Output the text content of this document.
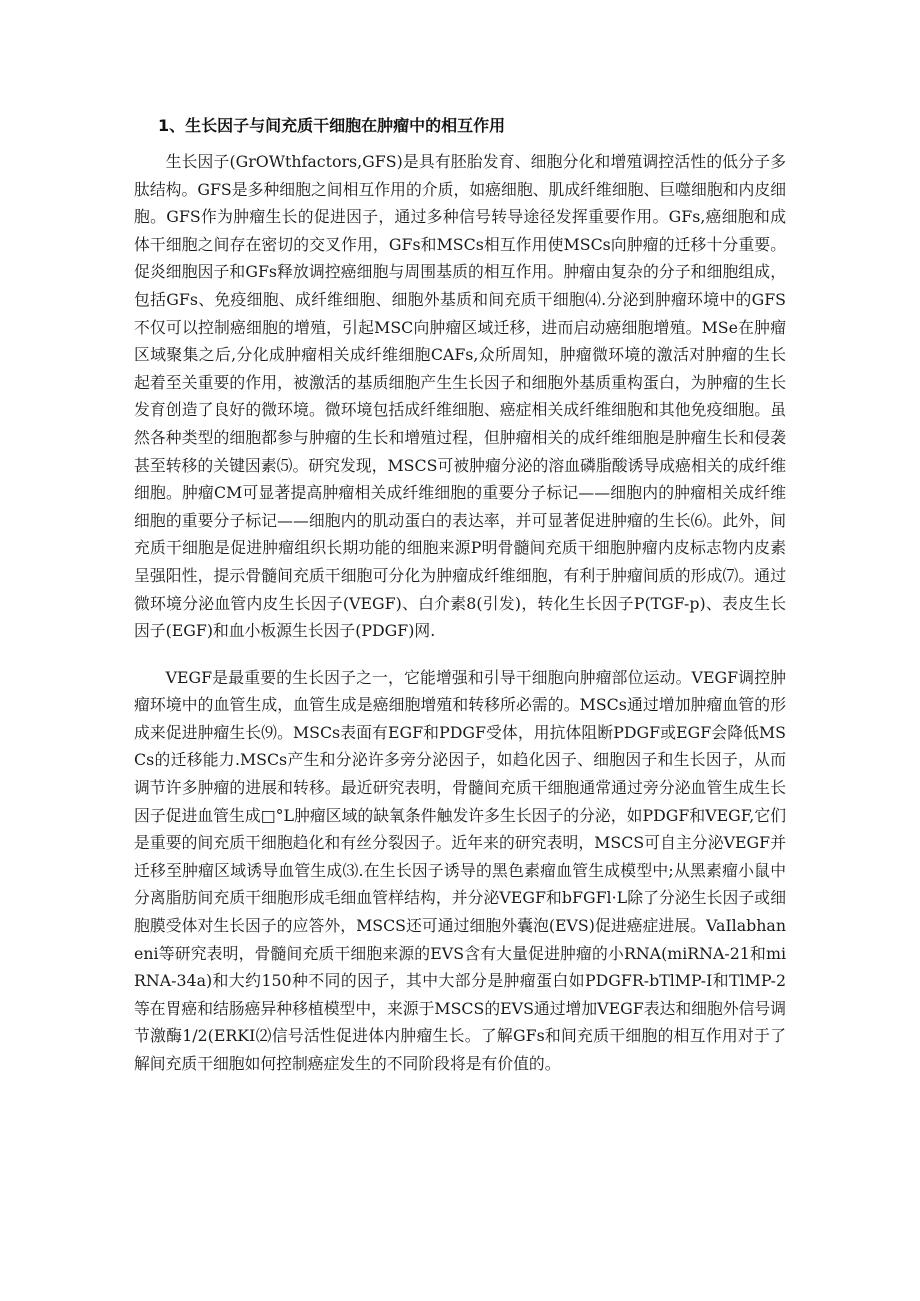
1、生长因子与间充质干细胞在肿瘤中的相互作用

生长因子(GrOWthfactors,GFS)是具有胚胎发育、细胞分化和增殖调控活性的低分子多肽结构。GFS是多种细胞之间相互作用的介质，如癌细胞、肌成纤维细胞、巨噬细胞和内皮细胞。GFS作为肿瘤生长的促进因子，通过多种信号转导途径发挥重要作用。GFs,癌细胞和成体干细胞之间存在密切的交叉作用，GFs和MSCs相互作用使MSCs向肿瘤的迁移十分重要。促炎细胞因子和GFs释放调控癌细胞与周围基质的相互作用。肿瘤由复杂的分子和细胞组成，包括GFs、免疫细胞、成纤维细胞、细胞外基质和间充质干细胞⑷.分泌到肿瘤环境中的GFS不仅可以控制癌细胞的增殖，引起MSC向肿瘤区域迁移，进而启动癌细胞增殖。MSe在肿瘤区域聚集之后,分化成肿瘤相关成纤维细胞CAFs,众所周知，肿瘤微环境的激活对肿瘤的生长起着至关重要的作用，被激活的基质细胞产生生长因子和细胞外基质重构蛋白，为肿瘤的生长发育创造了良好的微环境。微环境包括成纤维细胞、癌症相关成纤维细胞和其他免疫细胞。虽然各种类型的细胞都参与肿瘤的生长和增殖过程，但肿瘤相关的成纤维细胞是肿瘤生长和侵袭甚至转移的关键因素⑸。研究发现，MSCS可被肿瘤分泌的溶血磷脂酸诱导成癌相关的成纤维细胞。肿瘤CM可显著提高肿瘤相关成纤维细胞的重要分子标记——细胞内的肿瘤相关成纤维细胞的重要分子标记——细胞内的肌动蛋白的表达率，并可显著促进肿瘤的生长⑹。此外，间充质干细胞是促进肿瘤组织长期功能的细胞来源P明骨髓间充质干细胞肿瘤内皮标志物内皮素呈强阳性，提示骨髓间充质干细胞可分化为肿瘤成纤维细胞，有利于肿瘤间质的形成⑺。通过微环境分泌血管内皮生长因子(VEGF)、白介素8(引发)，转化生长因子P(TGF-p)、表皮生长因子(EGF)和血小板源生长因子(PDGF)网.

VEGF是最重要的生长因子之一，它能增强和引导干细胞向肿瘤部位运动。VEGF调控肿瘤环境中的血管生成，血管生成是癌细胞增殖和转移所必需的。MSCs通过增加肿瘤血管的形成来促进肿瘤生长⑼。MSCs表面有EGF和PDGF受体，用抗体阻断PDGF或EGF会降低MSCs的迁移能力.MSCs产生和分泌许多旁分泌因子，如趋化因子、细胞因子和生长因子，从而调节许多肿瘤的进展和转移。最近研究表明，骨髓间充质干细胞通常通过旁分泌血管生成生长因子促进血管生成□°L肿瘤区域的缺氧条件触发许多生长因子的分泌，如PDGF和VEGF,它们是重要的间充质干细胞趋化和有丝分裂因子。近年来的研究表明，MSCS可自主分泌VEGF并迁移至肿瘤区域诱导血管生成⑶.在生长因子诱导的黑色素瘤血管生成模型中;从黑素瘤小鼠中分离脂肪间充质干细胞形成毛细血管样结构，并分泌VEGF和bFGFl·L除了分泌生长因子或细胞膜受体对生长因子的应答外，MSCS还可通过细胞外囊泡(EVS)促进癌症进展。VaIlabhaneni等研究表明，骨髓间充质干细胞来源的EVS含有大量促进肿瘤的小RNA(miRNA-21和miRNA-34a)和大约150种不同的因子，其中大部分是肿瘤蛋白如PDGFR-bTlMP-I和TlMP-2等在胃癌和结肠癌异种移植模型中，来源于MSCS的EVS通过增加VEGF表达和细胞外信号调节激酶1/2(ERKI⑵信号活性促进体内肿瘤生长。了解GFs和间充质干细胞的相互作用对于了解间充质干细胞如何控制癌症发生的不同阶段将是有价值的。
